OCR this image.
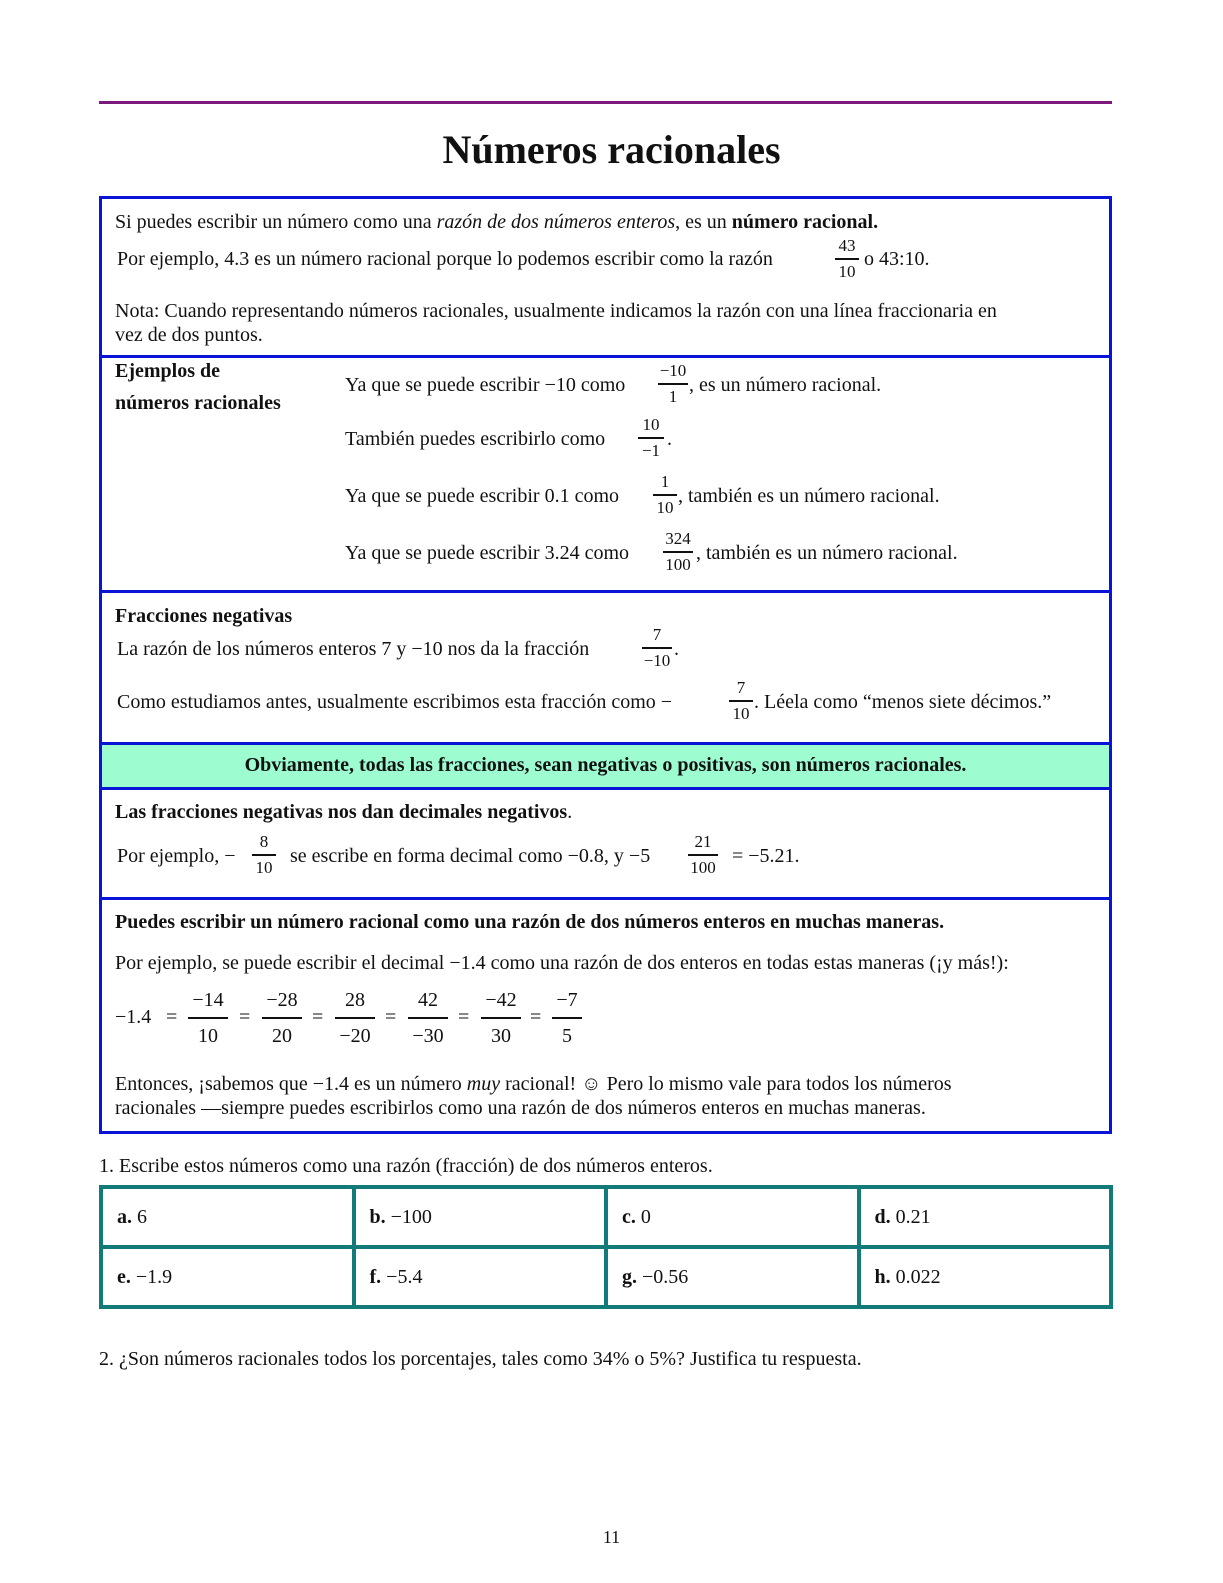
Números racionales
Si puedes escribir un número como una razón de dos números enteros, es un número racional.
Por ejemplo, 4.3 es un número racional porque lo podemos escribir como la razón
43
10
o 43:10.
Nota: Cuando representando números racionales, usualmente indicamos la razón con una línea fraccionaria en
vez de dos puntos.
Ejemplos de
números racionales
Ya que se puede escribir −10 como
−10
1 , es un número racional.
También puedes escribirlo como
10
−1 .
Ya que se puede escribir 0.1 como
1
10 , también es un número racional.
Ya que se puede escribir 3.24 como
324
100 , también es un número racional.
Fracciones negativas
La razón de los números enteros 7 y −10 nos da la fracción
7
−10 .
Como estudiamos antes, usualmente escribimos esta fracción como −
7
10 . Léela como “menos siete décimos.”
Obviamente, todas las fracciones, sean negativas o positivas, son números racionales.
Las fracciones negativas nos dan decimales negativos.
Por ejemplo, −
8
10 se escribe en forma decimal como −0.8, y −5
21
100 = −5.21.
Puedes escribir un número racional como una razón de dos números enteros en muchas maneras.
Por ejemplo, se puede escribir el decimal −1.4 como una razón de dos enteros en todas estas maneras (¡y más!):
−1.4 =
−14
10
=
−28
20
=
28
−20
=
42
−30
=
−42
30
=
−7
5
Entonces, ¡sabemos que −1.4 es un número muy racional! ☺ Pero lo mismo vale para todos los números
racionales —siempre puedes escribirlos como una razón de dos números enteros en muchas maneras.
1. Escribe estos números como una razón (fracción) de dos números enteros.
a. 6	b. −100	c. 0	d. 0.21
e. −1.9	f. −5.4	g. −0.56	h. 0.022
2. ¿Son números racionales todos los porcentajes, tales como 34% o 5%? Justifica tu respuesta.
11
